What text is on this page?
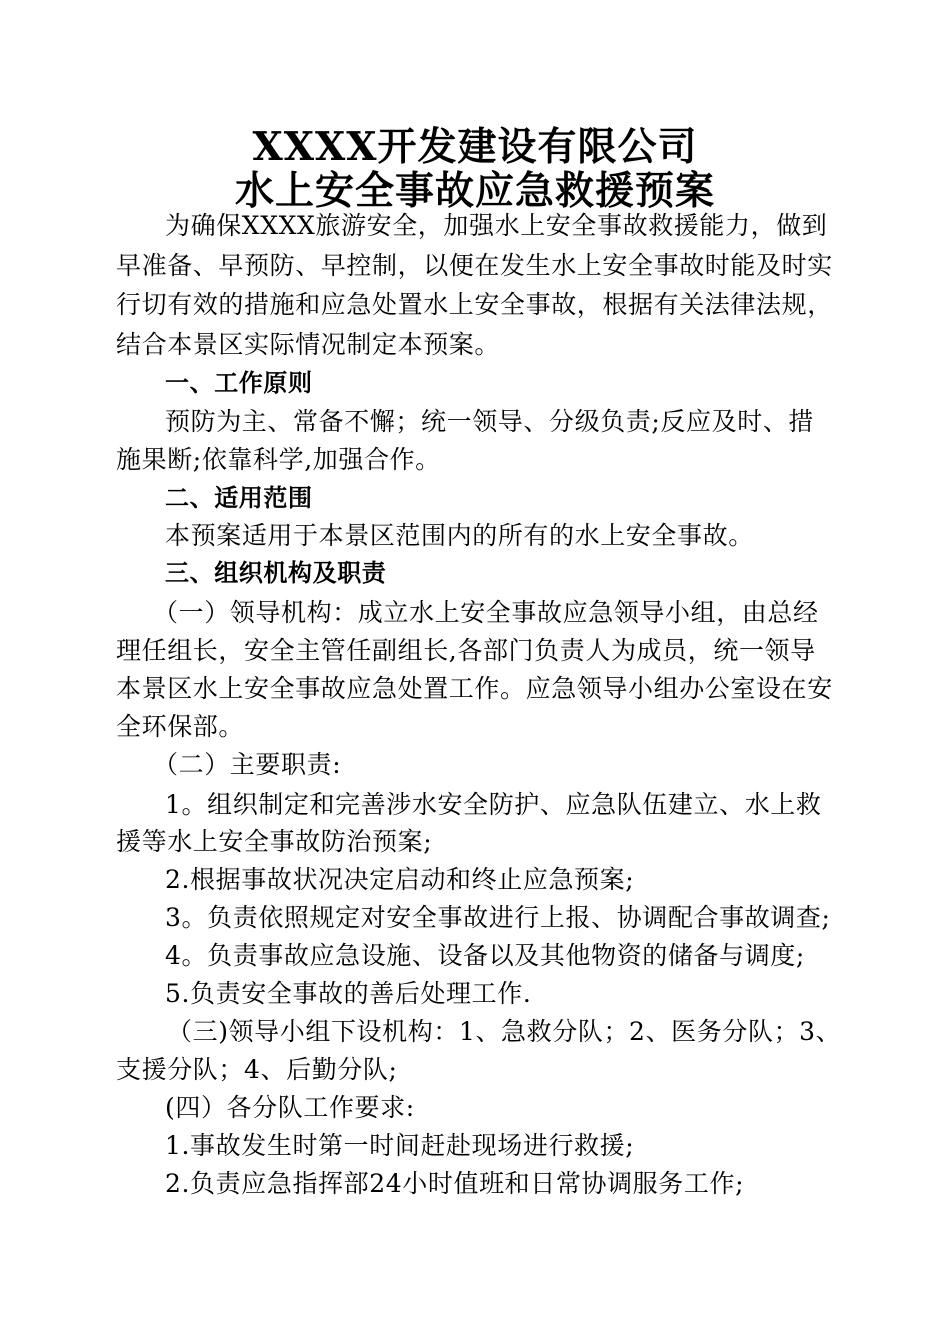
XXXX开发建设有限公司
水上安全事故应急救援预案
为确保XXXX旅游安全，加强水上安全事故救援能力，做到
早准备、早预防、早控制，以便在发生水上安全事故时能及时实
行切有效的措施和应急处置水上安全事故，根据有关法律法规，
结合本景区实际情况制定本预案。
一、工作原则
预防为主、常备不懈；统一领导、分级负责;反应及时、措
施果断;依靠科学,加强合作。
二、适用范围
本预案适用于本景区范围内的所有的水上安全事故。
三、组织机构及职责
（一）领导机构：成立水上安全事故应急领导小组，由总经
理任组长，安全主管任副组长,各部门负责人为成员，统一领导
本景区水上安全事故应急处置工作。应急领导小组办公室设在安
全环保部。
（二）主要职责:
1。组织制定和完善涉水安全防护、应急队伍建立、水上救
援等水上安全事故防治预案;
2.根据事故状况决定启动和终止应急预案;
3。负责依照规定对安全事故进行上报、协调配合事故调查;
4。负责事故应急设施、设备以及其他物资的储备与调度;
5.负责安全事故的善后处理工作.
（三)领导小组下设机构：1、急救分队；2、医务分队；3、
支援分队；4、后勤分队;
(四）各分队工作要求:
1.事故发生时第一时间赶赴现场进行救援;
2.负责应急指挥部24小时值班和日常协调服务工作;
